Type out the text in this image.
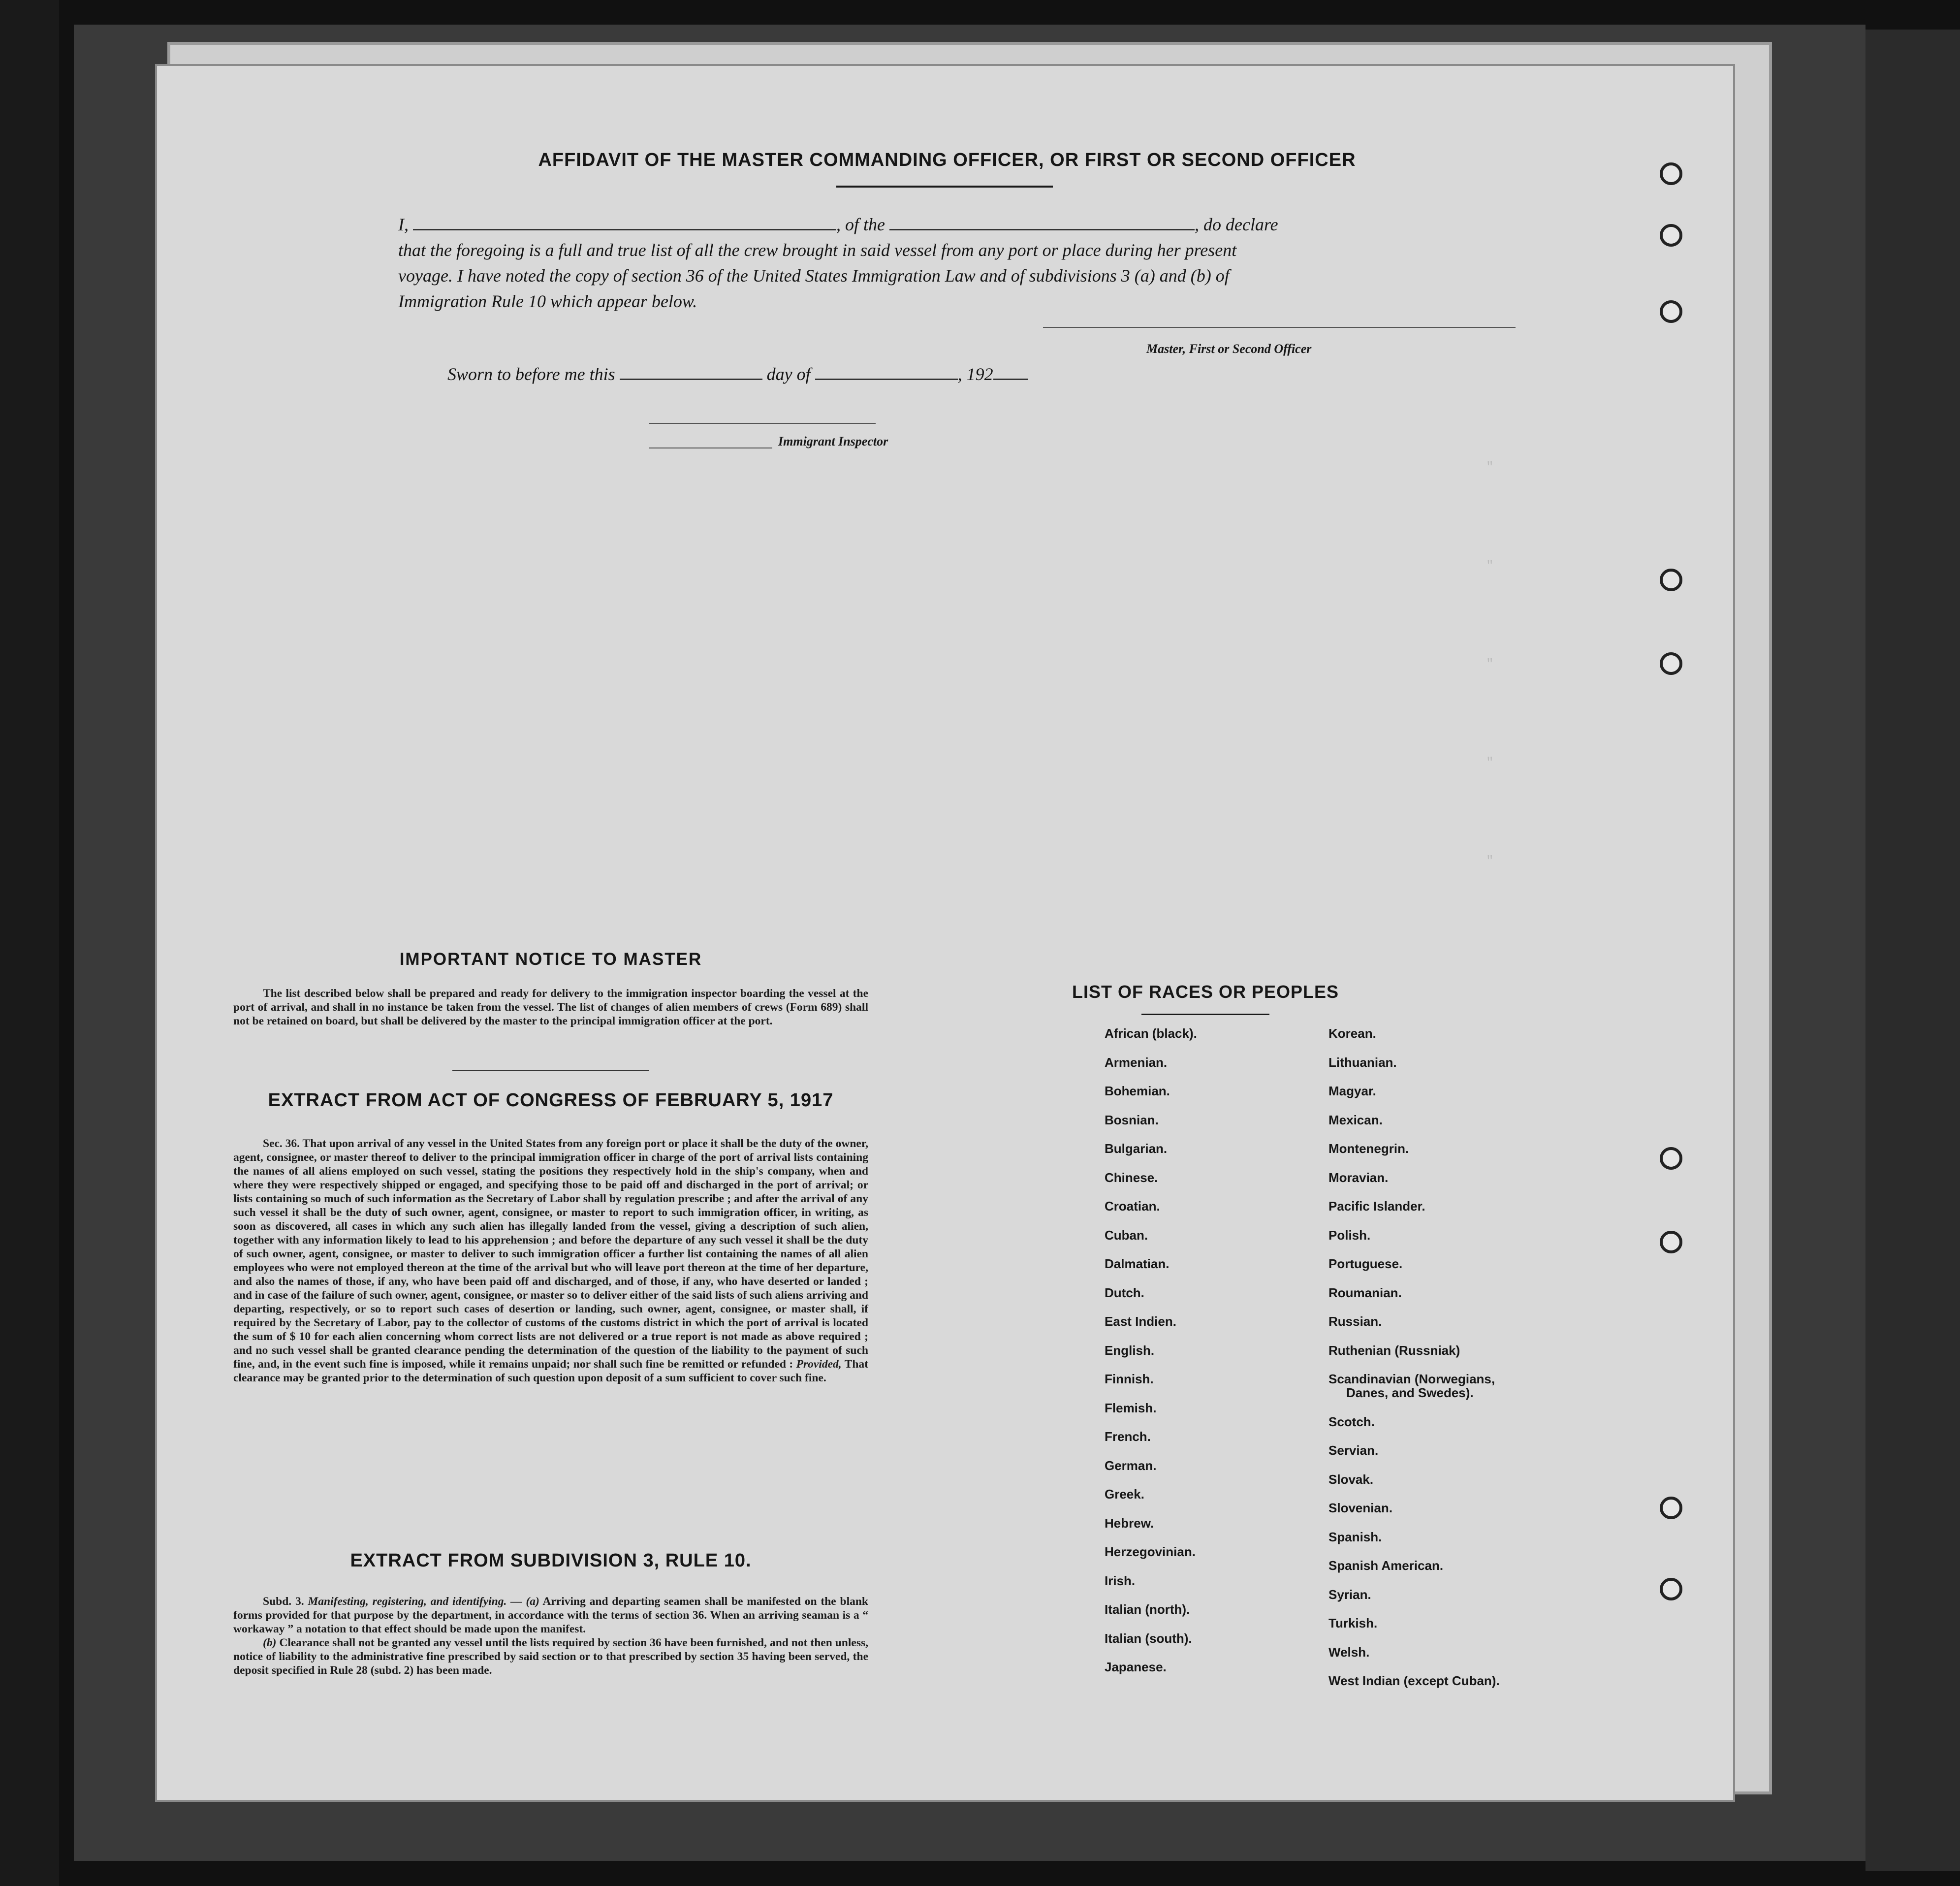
"
"
"
"
"
AFFIDAVIT OF THE MASTER COMMANDING OFFICER, OR FIRST OR SECOND OFFICER
I,	, of the	, do declare
that the foregoing is a full and true list of all the crew brought in said vessel from any port or place during her present
voyage. I have noted the copy of section 36 of the United States Immigration Law and of subdivisions 3 (a) and (b) of
Immigration Rule 10 which appear below.
Master, First or Second Officer
Sworn to before me this	day of	, 192
Immigrant Inspector
IMPORTANT NOTICE TO MASTER
The list described below shall be prepared and ready for delivery to the immigration inspector boarding the vessel at the port of arrival, and shall in no instance be taken from the vessel. The list of changes of alien members of crews (Form 689) shall not be retained on board, but shall be delivered by the master to the principal immigration officer at the port.
EXTRACT FROM ACT OF CONGRESS OF FEBRUARY 5, 1917
Sec. 36. That upon arrival of any vessel in the United States from any foreign port or place it shall be the duty of the owner, agent, consignee, or master thereof to deliver to the principal immigration officer in charge of the port of arrival lists containing the names of all aliens employed on such vessel, stating the positions they respectively hold in the ship's company, when and where they were respectively shipped or engaged, and specifying those to be paid off and discharged in the port of arrival; or lists containing so much of such information as the Secretary of Labor shall by regulation prescribe ; and after the arrival of any such vessel it shall be the duty of such owner, agent, consignee, or master to report to such immigration officer, in writing, as soon as discovered, all cases in which any such alien has illegally landed from the vessel, giving a description of such alien, together with any information likely to lead to his apprehension ; and before the departure of any such vessel it shall be the duty of such owner, agent, consignee, or master to deliver to such immigration officer a further list containing the names of all alien employees who were not employed thereon at the time of the arrival but who will leave port thereon at the time of her departure, and also the names of those, if any, who have been paid off and discharged, and of those, if any, who have deserted or landed ; and in case of the failure of such owner, agent, consignee, or master so to deliver either of the said lists of such aliens arriving and departing, respectively, or so to report such cases of desertion or landing, such owner, agent, consignee, or master shall, if required by the Secretary of Labor, pay to the collector of customs of the customs district in which the port of arrival is located the sum of $ 10 for each alien concerning whom correct lists are not delivered or a true report is not made as above required ; and no such vessel shall be granted clearance pending the determination of the question of the liability to the payment of such fine, and, in the event such fine is imposed, while it remains unpaid; nor shall such fine be remitted or refunded : Provided, That clearance may be granted prior to the determination of such question upon deposit of a sum sufficient to cover such fine.
EXTRACT FROM SUBDIVISION 3, RULE 10.
Subd. 3. Manifesting, registering, and identifying. — (a) Arriving and departing seamen shall be manifested on the blank forms provided for that purpose by the department, in accordance with the terms of section 36. When an arriving seaman is a “ workaway ” a notation to that effect should be made upon the manifest.
(b) Clearance shall not be granted any vessel until the lists required by section 36 have been furnished, and not then unless, notice of liability to the administrative fine prescribed by said section or to that prescribed by section 35 having been served, the deposit specified in Rule 28 (subd. 2) has been made.
LIST OF RACES OR PEOPLES
African (black).
Armenian.
Bohemian.
Bosnian.
Bulgarian.
Chinese.
Croatian.
Cuban.
Dalmatian.
Dutch.
East Indien.
English.
Finnish.
Flemish.
French.
German.
Greek.
Hebrew.
Herzegovinian.
Irish.
Italian (north).
Italian (south).
Japanese.
Korean.
Lithuanian.
Magyar.
Mexican.
Montenegrin.
Moravian.
Pacific Islander.
Polish.
Portuguese.
Roumanian.
Russian.
Ruthenian (Russniak)
Scandinavian (Norwegians,
Danes, and Swedes).
Scotch.
Servian.
Slovak.
Slovenian.
Spanish.
Spanish American.
Syrian.
Turkish.
Welsh.
West Indian (except Cuban).
